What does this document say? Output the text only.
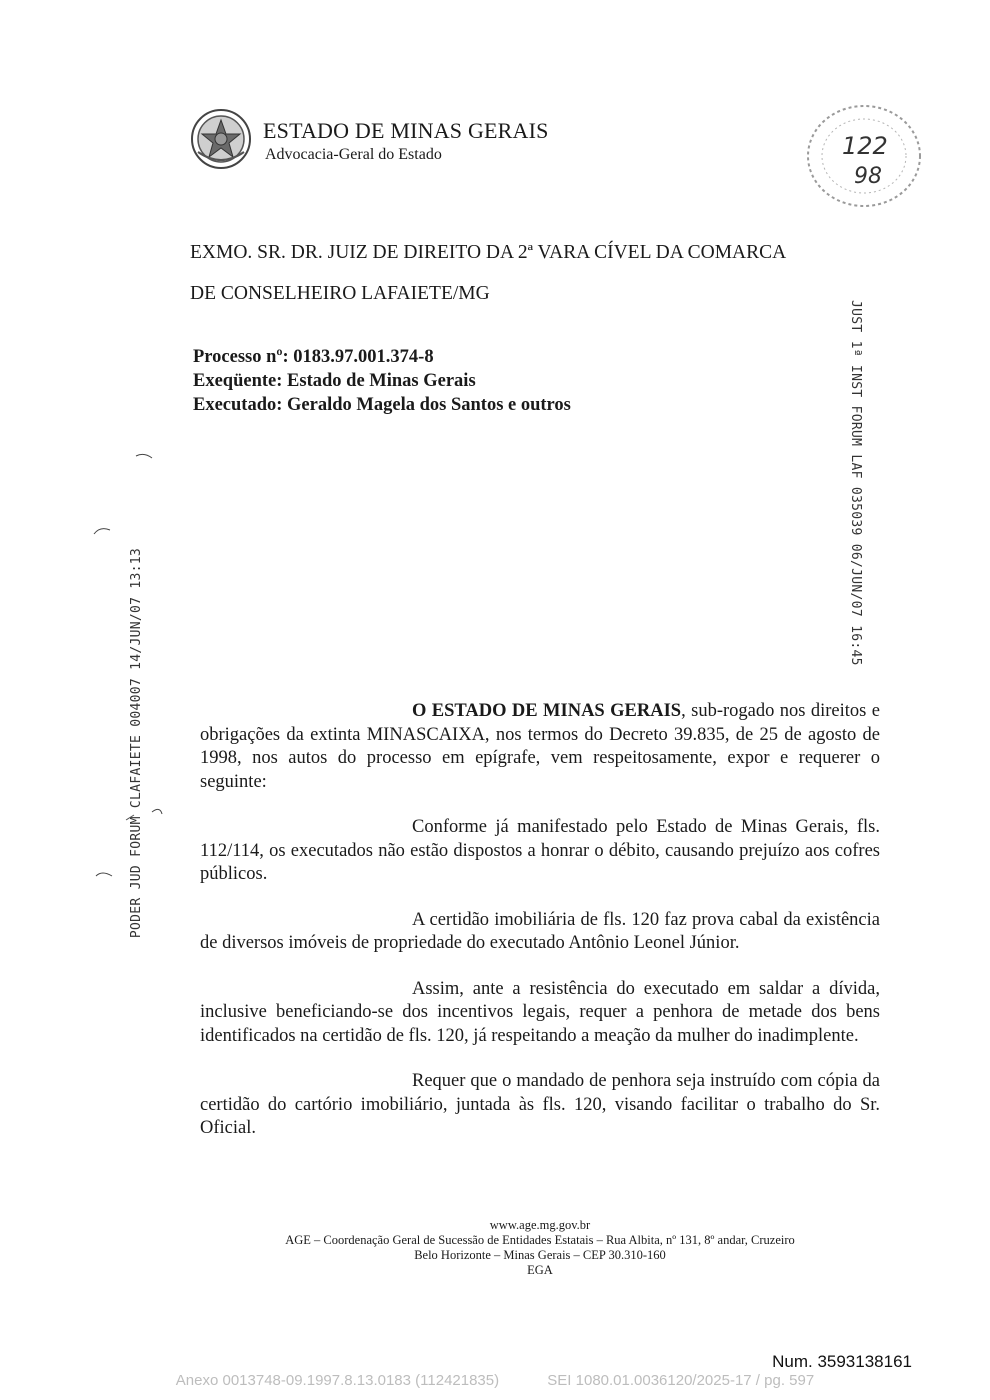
ESTADO DE MINAS GERAIS
Advocacia-Geral do Estado	122
98
EXMO. SR. DR. JUIZ DE DIREITO DA 2ª VARA CÍVEL DA COMARCA
DE CONSELHEIRO LAFAIETE/MG
Processo nº: 0183.97.001.374-8
Exeqüente: Estado de Minas Gerais
Executado: Geraldo Magela dos Santos e outros	JUST 1ª INST FORUM LAF 035039 06/JUN/07 16:45
PODER JUD FORUM CLAFAIETE 004007 14/JUN/07 13:13	O ESTADO DE MINAS GERAIS, sub-rogado nos direitos e obrigações da extinta MINASCAIXA, nos termos do Decreto 39.835, de 25 de agosto de 1998, nos autos do processo em epígrafe, vem respeitosamente, expor e requerer o seguinte:

Conforme já manifestado pelo Estado de Minas Gerais, fls. 112/114, os executados não estão dispostos a honrar o débito, causando prejuízo aos cofres públicos.

A certidão imobiliária de fls. 120 faz prova cabal da existência de diversos imóveis de propriedade do executado Antônio Leonel Júnior.

Assim, ante a resistência do executado em saldar a dívida, inclusive beneficiando-se dos incentivos legais, requer a penhora de metade dos bens identificados na certidão de fls. 120, já respeitando a meação da mulher do inadimplente.

Requer que o mandado de penhora seja instruído com cópia da certidão do cartório imobiliário, juntada às fls. 120, visando facilitar o trabalho do Sr. Oficial.

www.age.mg.gov.br
AGE – Coordenação Geral de Sucessão de Entidades Estatais – Rua Albita, nº 131, 8º andar, Cruzeiro
Belo Horizonte – Minas Gerais – CEP 30.310-160
EGA
Num. 3593138161
Anexo 0013748-09.1997.8.13.0183 (112421835)	SEI 1080.01.0036120/2025-17 / pg. 597
